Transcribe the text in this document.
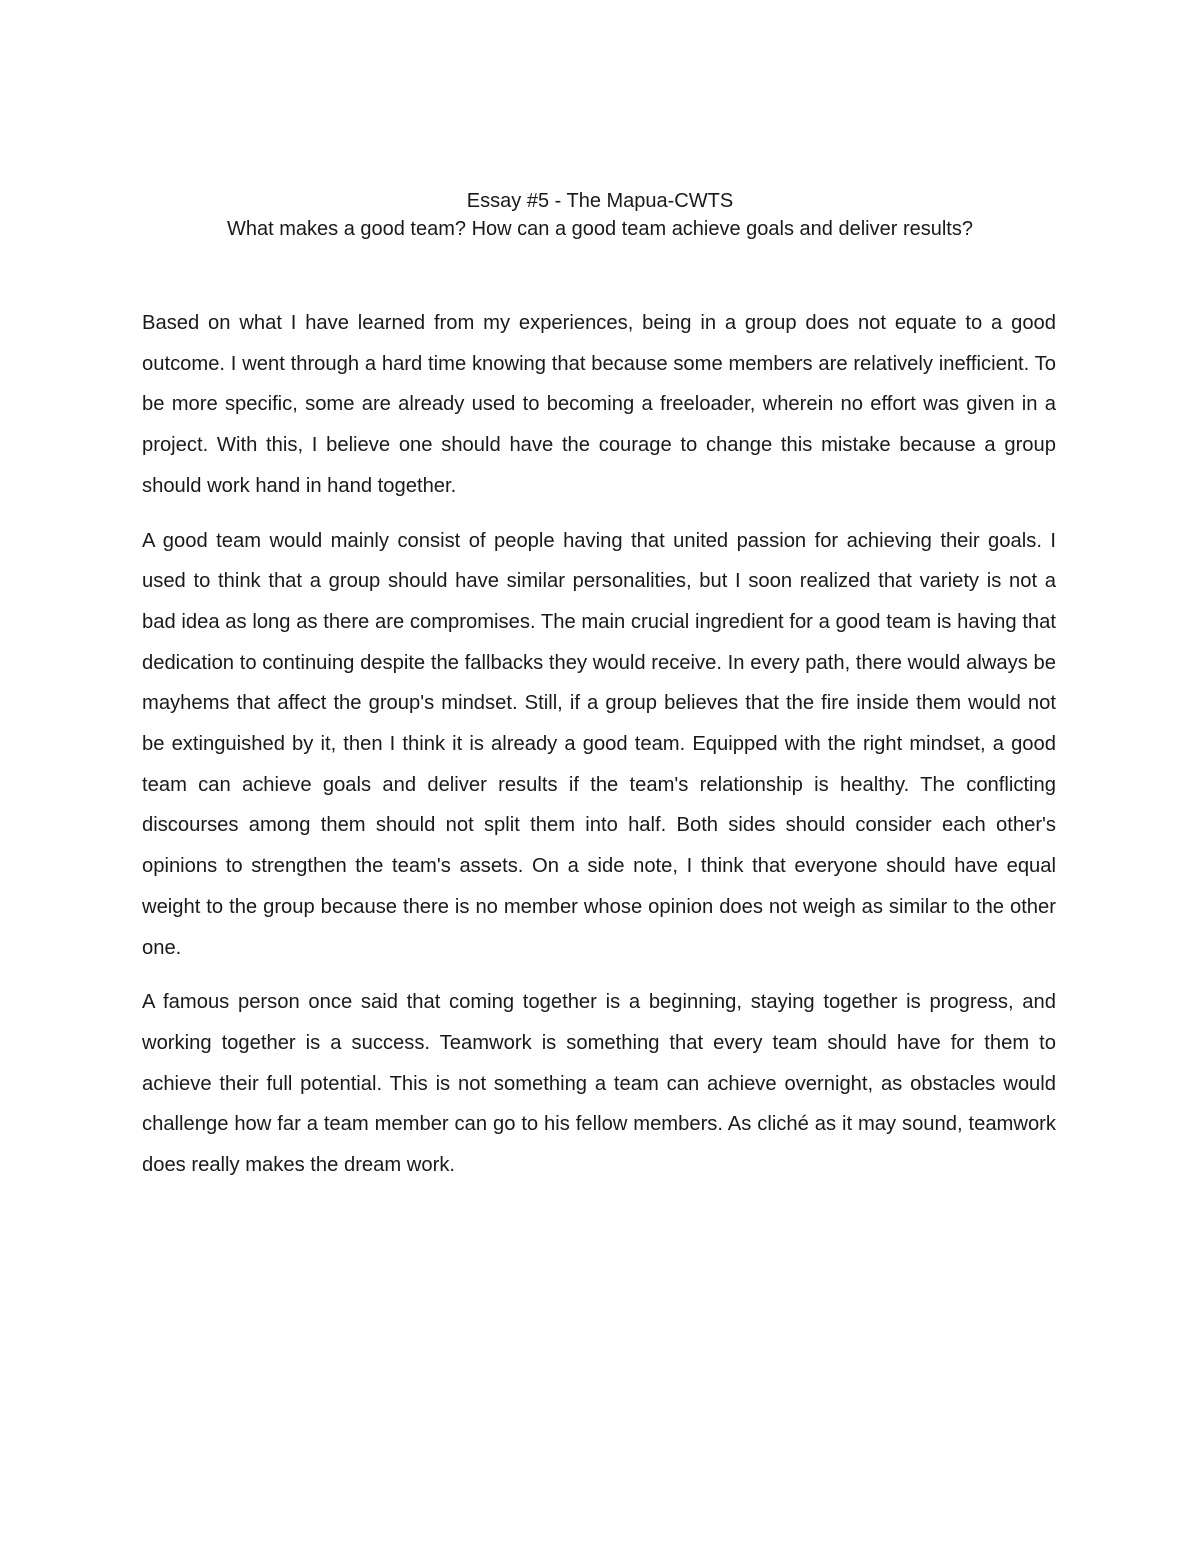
Essay #5 - The Mapua-CWTS
What makes a good team? How can a good team achieve goals and deliver results?

Based on what I have learned from my experiences, being in a group does not equate to a good outcome. I went through a hard time knowing that because some members are relatively inefficient. To be more specific, some are already used to becoming a freeloader, wherein no effort was given in a project. With this, I believe one should have the courage to change this mistake because a group should work hand in hand together.

A good team would mainly consist of people having that united passion for achieving their goals. I used to think that a group should have similar personalities, but I soon realized that variety is not a bad idea as long as there are compromises. The main crucial ingredient for a good team is having that dedication to continuing despite the fallbacks they would receive. In every path, there would always be mayhems that affect the group's mindset. Still, if a group believes that the fire inside them would not be extinguished by it, then I think it is already a good team. Equipped with the right mindset, a good team can achieve goals and deliver results if the team's relationship is healthy. The conflicting discourses among them should not split them into half. Both sides should consider each other's opinions to strengthen the team's assets. On a side note, I think that everyone should have equal weight to the group because there is no member whose opinion does not weigh as similar to the other one.

A famous person once said that coming together is a beginning, staying together is progress, and working together is a success. Teamwork is something that every team should have for them to achieve their full potential. This is not something a team can achieve overnight, as obstacles would challenge how far a team member can go to his fellow members. As cliché as it may sound, teamwork does really makes the dream work.
